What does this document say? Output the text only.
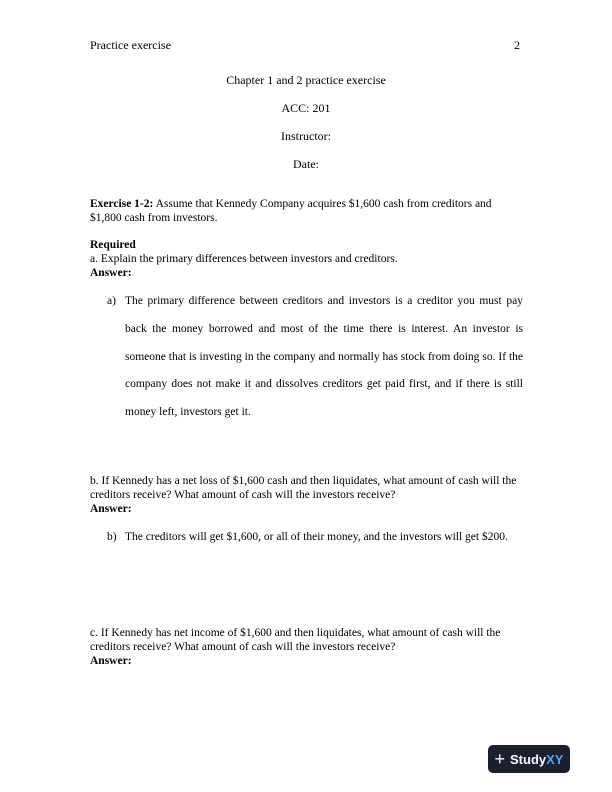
Practice exercise	2
Chapter 1 and 2 practice exercise
ACC: 201
Instructor:
Date:
Exercise 1-2: Assume that Kennedy Company acquires $1,600 cash from creditors and $1,800 cash from investors.
Required
a. Explain the primary differences between investors and creditors.
Answer:
a) The primary difference between creditors and investors is a creditor you must pay back the money borrowed and most of the time there is interest. An investor is someone that is investing in the company and normally has stock from doing so. If the company does not make it and dissolves creditors get paid first, and if there is still money left, investors get it.
b. If Kennedy has a net loss of $1,600 cash and then liquidates, what amount of cash will the creditors receive? What amount of cash will the investors receive?
Answer:
b) The creditors will get $1,600, or all of their money, and the investors will get $200.
c. If Kennedy has net income of $1,600 and then liquidates, what amount of cash will the creditors receive? What amount of cash will the investors receive?
Answer:
+ Study XY
